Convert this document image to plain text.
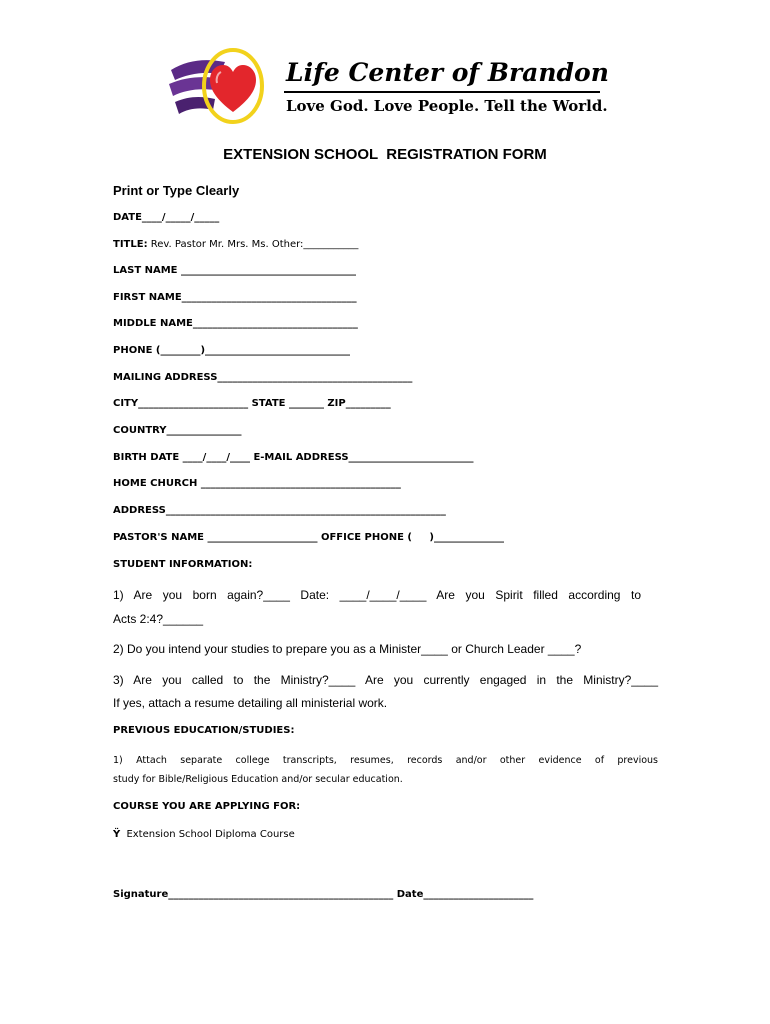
Life Center of Brandon
Love God. Love People. Tell the World.
EXTENSION SCHOOL  REGISTRATION FORM
Print or Type Clearly
DATE____/_____/_____
TITLE: Rev. Pastor Mr. Mrs. Ms. Other:___________
LAST NAME ___________________________________
FIRST NAME___________________________________
MIDDLE NAME_________________________________
PHONE (________)_____________________________
MAILING ADDRESS_______________________________________
CITY______________________ STATE _______ ZIP_________
COUNTRY_______________
BIRTH DATE ____/____/____ E-MAIL ADDRESS_________________________
HOME CHURCH ________________________________________
ADDRESS________________________________________________________
PASTOR'S NAME ______________________ OFFICE PHONE (     )______________
STUDENT INFORMATION:
1) Are you born again?____ Date: ____/____/____ Are you Spirit filled according to
Acts 2:4?______
2) Do you intend your studies to prepare you as a Minister____ or Church Leader ____?
3) Are you called to the Ministry?____ Are you currently engaged in the Ministry?____
If yes, attach a resume detailing all ministerial work.
PREVIOUS EDUCATION/STUDIES:
1) Attach separate college transcripts, resumes, records and/or other evidence of previous
study for Bible/Religious Education and/or secular education.
COURSE YOU ARE APPLYING FOR:
Ÿ Extension School Diploma Course
Signature_____________________________________________ Date______________________
